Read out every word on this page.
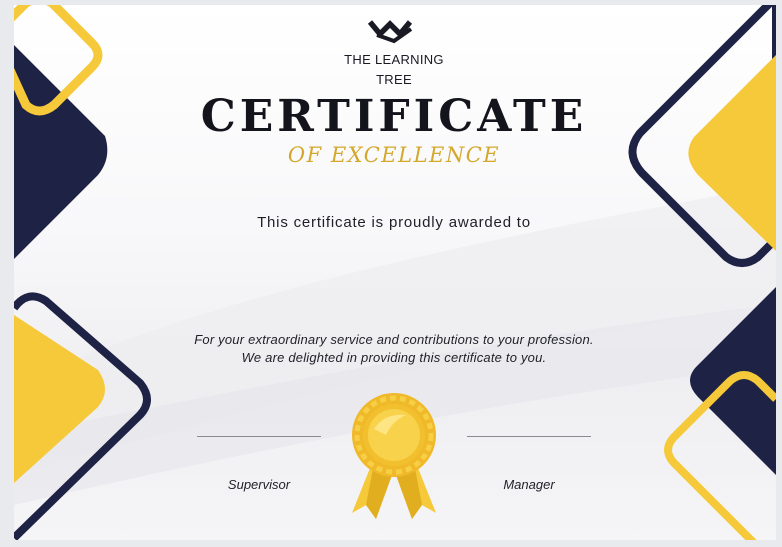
THE LEARNING
TREE
CERTIFICATE
OF EXCELLENCE
This certificate is proudly awarded to
For your extraordinary service and contributions to your profession.
We are delighted in providing this certificate to you.
Supervisor	Manager
